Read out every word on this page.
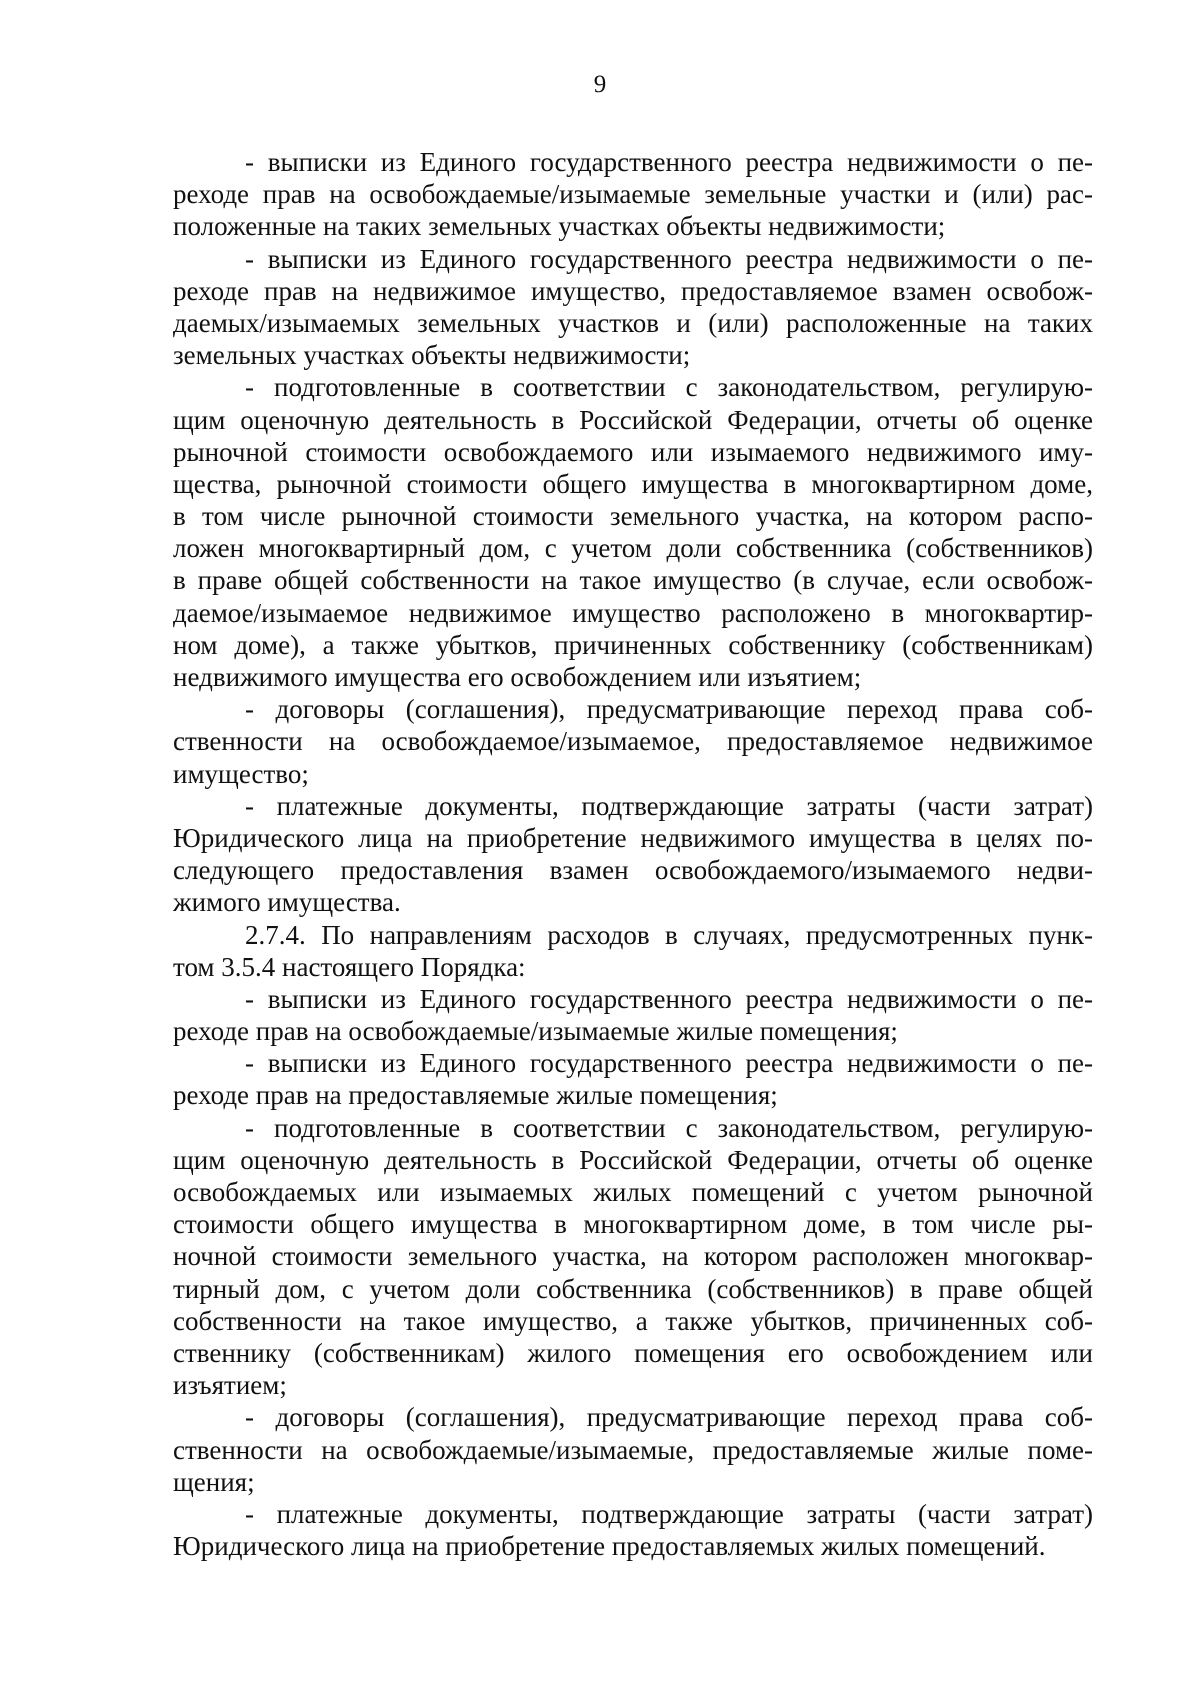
9
- выписки из Единого государственного реестра недвижимости о пе-
реходе прав на освобождаемые/изымаемые земельные участки и (или) рас-
положенные на таких земельных участках объекты недвижимости;
- выписки из Единого государственного реестра недвижимости о пе-
реходе прав на недвижимое имущество, предоставляемое взамен освобож-
даемых/изымаемых земельных участков и (или) расположенные на таких
земельных участках объекты недвижимости;
- подготовленные в соответствии с законодательством, регулирую-
щим оценочную деятельность в Российской Федерации, отчеты об оценке
рыночной стоимости освобождаемого или изымаемого недвижимого иму-
щества, рыночной стоимости общего имущества в многоквартирном доме,
в том числе рыночной стоимости земельного участка, на котором распо-
ложен многоквартирный дом, с учетом доли собственника (собственников)
в праве общей собственности на такое имущество (в случае, если освобож-
даемое/изымаемое недвижимое имущество расположено в многоквартир-
ном доме), а также убытков, причиненных собственнику (собственникам)
недвижимого имущества его освобождением или изъятием;
- договоры (соглашения), предусматривающие переход права соб-
ственности на освобождаемое/изымаемое, предоставляемое недвижимое
имущество;
- платежные документы, подтверждающие затраты (части затрат)
Юридического лица на приобретение недвижимого имущества в целях по-
следующего предоставления взамен освобождаемого/изымаемого недви-
жимого имущества.
2.7.4. По направлениям расходов в случаях, предусмотренных пунк-
том 3.5.4 настоящего Порядка:
- выписки из Единого государственного реестра недвижимости о пе-
реходе прав на освобождаемые/изымаемые жилые помещения;
- выписки из Единого государственного реестра недвижимости о пе-
реходе прав на предоставляемые жилые помещения;
- подготовленные в соответствии с законодательством, регулирую-
щим оценочную деятельность в Российской Федерации, отчеты об оценке
освобождаемых или изымаемых жилых помещений с учетом рыночной
стоимости общего имущества в многоквартирном доме, в том числе ры-
ночной стоимости земельного участка, на котором расположен многоквар-
тирный дом, с учетом доли собственника (собственников) в праве общей
собственности на такое имущество, а также убытков, причиненных соб-
ственнику (собственникам) жилого помещения его освобождением или
изъятием;
- договоры (соглашения), предусматривающие переход права соб-
ственности на освобождаемые/изымаемые, предоставляемые жилые поме-
щения;
- платежные документы, подтверждающие затраты (части затрат)
Юридического лица на приобретение предоставляемых жилых помещений.
